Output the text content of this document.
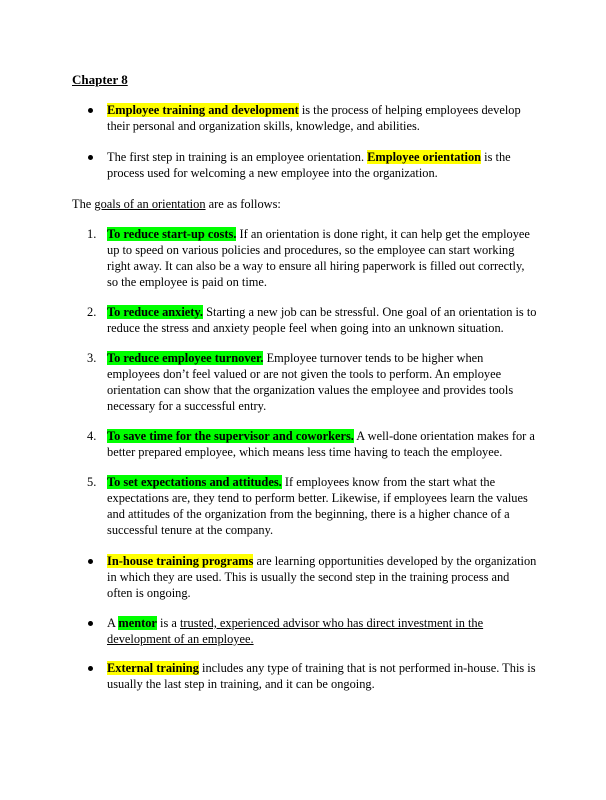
Chapter 8
Employee training and development is the process of helping employees develop their personal and organization skills, knowledge, and abilities.
The first step in training is an employee orientation. Employee orientation is the process used for welcoming a new employee into the organization.
The goals of an orientation are as follows:
1. To reduce start-up costs. If an orientation is done right, it can help get the employee up to speed on various policies and procedures, so the employee can start working right away. It can also be a way to ensure all hiring paperwork is filled out correctly, so the employee is paid on time.
2. To reduce anxiety. Starting a new job can be stressful. One goal of an orientation is to reduce the stress and anxiety people feel when going into an unknown situation.
3. To reduce employee turnover. Employee turnover tends to be higher when employees don’t feel valued or are not given the tools to perform. An employee orientation can show that the organization values the employee and provides tools necessary for a successful entry.
4. To save time for the supervisor and coworkers. A well-done orientation makes for a better prepared employee, which means less time having to teach the employee.
5. To set expectations and attitudes. If employees know from the start what the expectations are, they tend to perform better. Likewise, if employees learn the values and attitudes of the organization from the beginning, there is a higher chance of a successful tenure at the company.
In-house training programs are learning opportunities developed by the organization in which they are used. This is usually the second step in the training process and often is ongoing.
A mentor is a trusted, experienced advisor who has direct investment in the development of an employee.
External training includes any type of training that is not performed in-house. This is usually the last step in training, and it can be ongoing.
